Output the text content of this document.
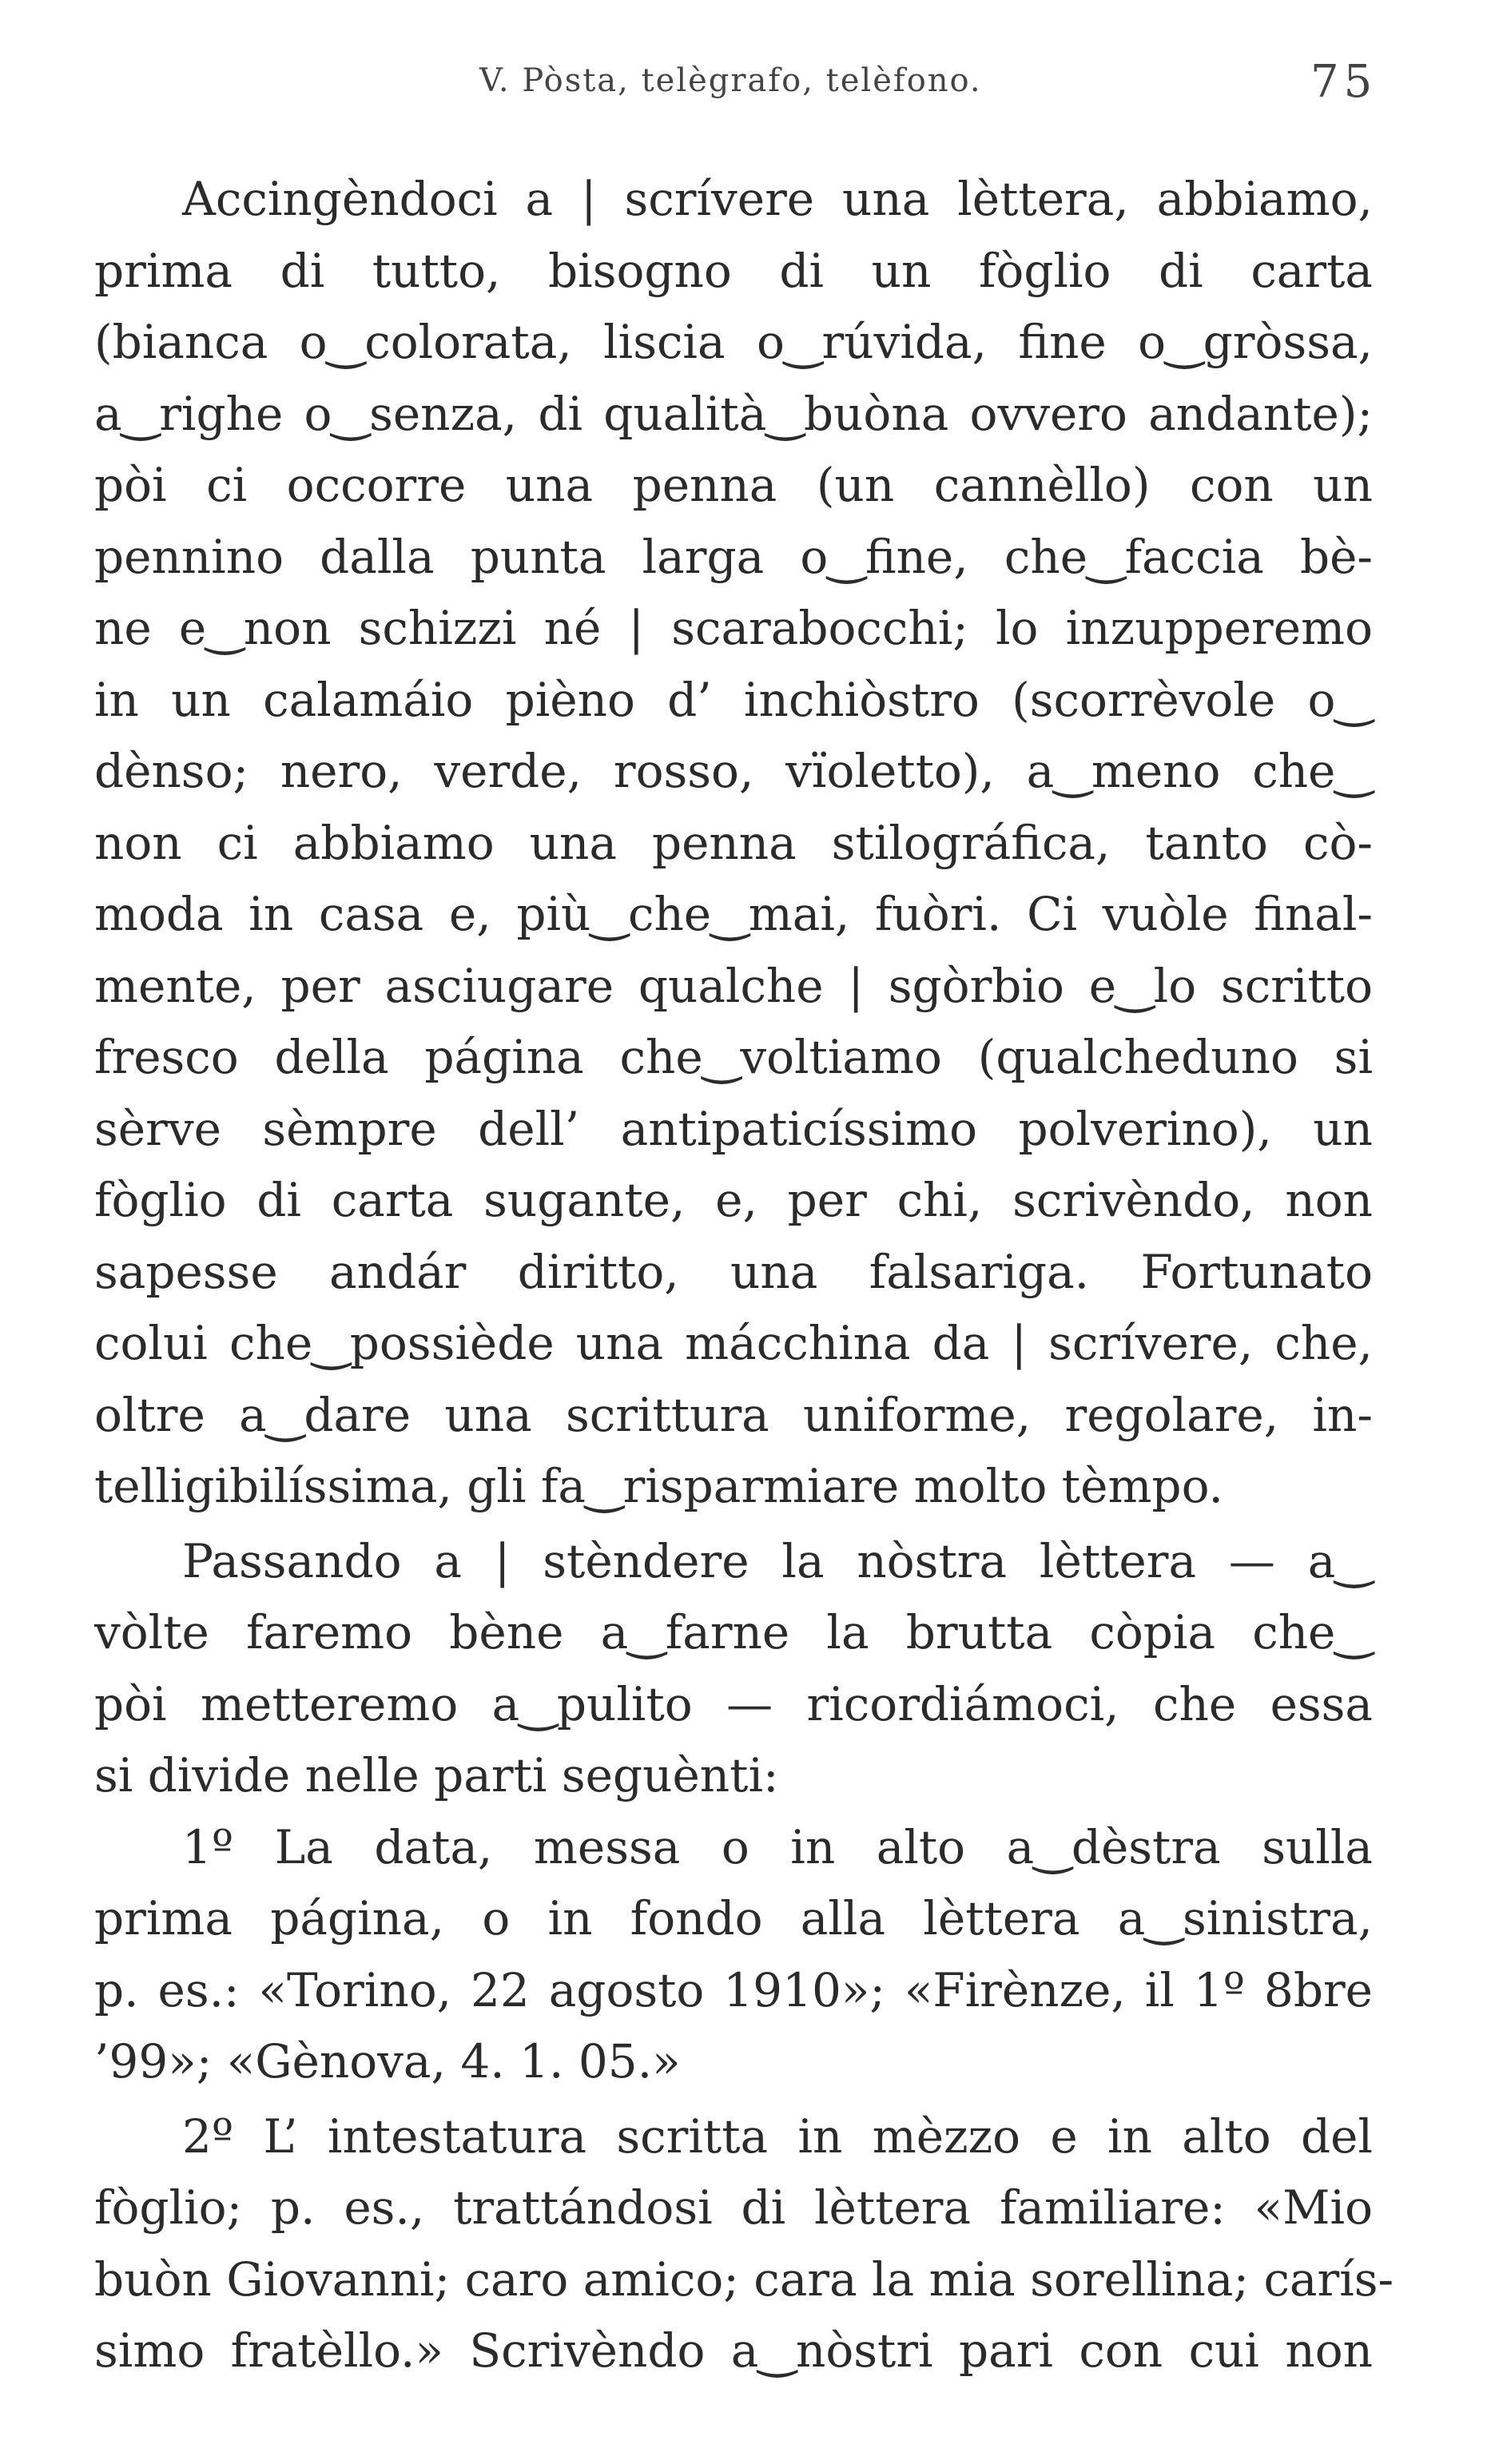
V. Pòsta, telègrafo, telèfono.	75
Accingèndoci a | scrívere una lèttera, abbiamo,
prima di tutto, bisogno di un fòglio di carta
(bianca o‿colorata, liscia o‿rúvida, fine o‿gròssa,
a‿righe o‿senza, di qualità‿buòna ovvero andante);
pòi ci occorre una penna (un cannèllo) con un
pennino dalla punta larga o‿fine, che‿faccia bè-
ne e‿non schizzi né | scarabocchi; lo inzupperemo
in un calamáio pièno d’ inchiòstro (scorrèvole o‿
dènso; nero, verde, rosso, vïoletto), a‿meno che‿
non ci abbiamo una penna stilográfica, tanto cò-
moda in casa e, più‿che‿mai, fuòri. Ci vuòle final-
mente, per asciugare qualche | sgòrbio e‿lo scritto
fresco della página che‿voltiamo (qualcheduno si
sèrve sèmpre dell’ antipaticíssimo polverino), un
fòglio di carta sugante, e, per chi, scrivèndo, non
sapesse andár diritto, una falsariga. Fortunato
colui che‿possiède una mácchina da | scrívere, che,
oltre a‿dare una scrittura uniforme, regolare, in-
telligibilíssima, gli fa‿risparmiare molto tèmpo.
Passando a | stèndere la nòstra lèttera — a‿
vòlte faremo bène a‿farne la brutta còpia che‿
pòi metteremo a‿pulito — ricordiámoci, che essa
si divide nelle parti seguènti:
1º La data, messa o in alto a‿dèstra sulla
prima página, o in fondo alla lèttera a‿sinistra,
p. es.: «Torino, 22 agosto 1910»; «Firènze, il 1º 8bre
’99»; «Gènova, 4. 1. 05.»
2º L’ intestatura scritta in mèzzo e in alto del
fòglio; p. es., trattándosi di lèttera familiare: «Mio
buòn Giovanni; caro amico; cara la mia sorellina; carís-
simo fratèllo.» Scrivèndo a‿nòstri pari con cui non
